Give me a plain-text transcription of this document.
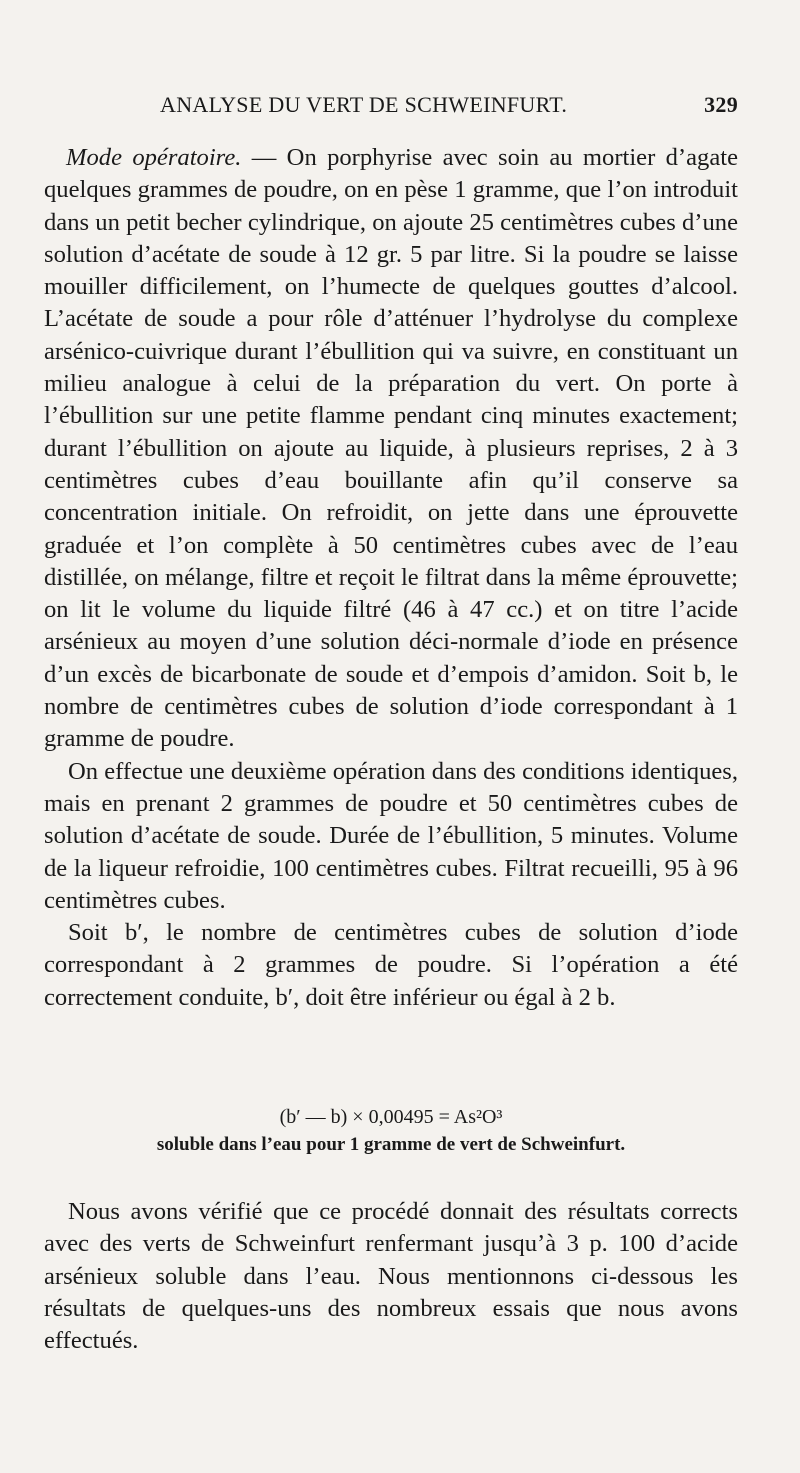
ANALYSE DU VERT DE SCHWEINFURT.	329

Mode opératoire. — On porphyrise avec soin au mortier d’agate quelques grammes de poudre, on en pèse 1 gramme, que l’on introduit dans un petit becher cylindrique, on ajoute 25 centimètres cubes d’une solution d’acétate de soude à 12 gr. 5 par litre. Si la poudre se laisse mouiller difficilement, on l’humecte de quelques gouttes d’alcool. L’acétate de soude a pour rôle d’atténuer l’hydrolyse du complexe arsénico-cuivrique durant l’ébullition qui va suivre, en constituant un milieu analogue à celui de la préparation du vert. On porte à l’ébullition sur une petite flamme pendant cinq minutes exactement; durant l’ébullition on ajoute au liquide, à plusieurs reprises, 2 à 3 centimètres cubes d’eau bouillante afin qu’il conserve sa concentration initiale. On refroidit, on jette dans une éprouvette graduée et l’on complète à 50 centimètres cubes avec de l’eau distillée, on mélange, filtre et reçoit le filtrat dans la même éprouvette; on lit le volume du liquide filtré (46 à 47 cc.) et on titre l’acide arsénieux au moyen d’une solution déci-normale d’iode en présence d’un excès de bicarbonate de soude et d’empois d’amidon. Soit b, le nombre de centimètres cubes de solution d’iode correspondant à 1 gramme de poudre.

On effectue une deuxième opération dans des conditions identiques, mais en prenant 2 grammes de poudre et 50 centimètres cubes de solution d’acétate de soude. Durée de l’ébullition, 5 minutes. Volume de la liqueur refroidie, 100 centimètres cubes. Filtrat recueilli, 95 à 96 centimètres cubes.

Soit b′, le nombre de centimètres cubes de solution d’iode correspondant à 2 grammes de poudre. Si l’opération a été correctement conduite, b′, doit être inférieur ou égal à 2 b.

(b′ — b) × 0,00495 = As²O³
soluble dans l’eau pour 1 gramme de vert de Schweinfurt.

Nous avons vérifié que ce procédé donnait des résultats corrects avec des verts de Schweinfurt renfermant jusqu’à 3 p. 100 d’acide arsénieux soluble dans l’eau. Nous mentionnons ci-dessous les résultats de quelques-uns des nombreux essais que nous avons effectués.
